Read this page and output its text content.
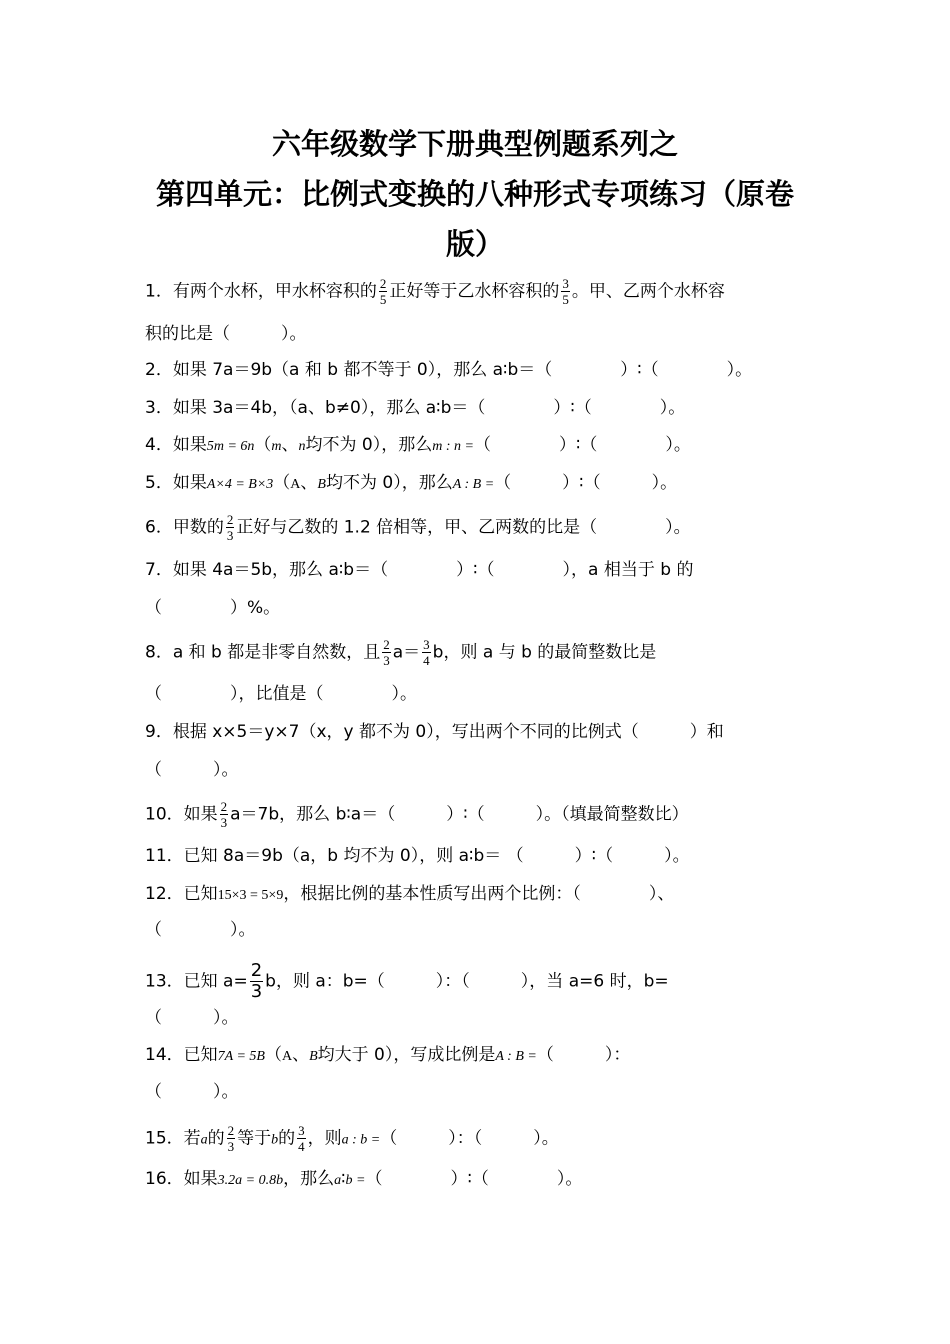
六年级数学下册典型例题系列之
第四单元：比例式变换的八种形式专项练习（原卷
版）
1．有两个水杯，甲水杯容积的 $\frac{2}{5}$ 正好等于乙水杯容积的 $\frac{3}{5}$ 。甲、乙两个水杯容
积的比是（　　　）。
2．如果 7a＝9b（a 和 b 都不等于 0），那么 a∶b＝（　　　　）∶（　　　　）。
3．如果 3a＝4b，（a、b≠0），那么 a∶b＝（　　　　）∶（　　　　）。
4．如果5m = 6n（m、n均不为 0），那么m : n =（　　　　）∶（　　　　）。
5．如果A×4 = B×3（A、B均不为 0），那么A : B =（　　　）∶（　　　）。
6．甲数的 $\frac{2}{3}$ 正好与乙数的 1.2 倍相等，甲、乙两数的比是（　　　　）。
7．如果 4a＝5b，那么 a∶b＝（　　　　）∶（　　　　），a 相当于 b 的
（　　　　）%。
8．a 和 b 都是非零自然数，且 $\frac{2}{3} a= \frac{3}{4}$ b，则 a 与 b 的最简整数比是
（　　　　），比值是（　　　　）。
9．根据 x×5＝y×7（x，y 都不为 0），写出两个不同的比例式（　　　）和
（　　　）。
10．如果 $\frac{2}{3} a=7b$，那么 b∶a＝（　　　）∶（　　　）。（填最简整数比）
11．已知 8a＝9b（a，b 均不为 0），则 a∶b＝ （　　　）∶（　　　）。
12．已知15×3 = 5×9，根据比例的基本性质写出两个比例：（　　　　）、
（　　　　）。
13．已知 $a= \frac{2}{3}$ b，则 a：b=（　　　）：（　　　），当 a=6 时，b=
（　　　）。
14．已知7A = 5B（A、B均大于 0），写成比例是A : B =（　　　）：
（　　　）。
15．若a的 $\frac{2}{3}$ 等于b的 $\frac{3}{4}$ ，则a : b =（　　　）：（　　　）。
16．如果3.2a = 0.8b，那么a∶b =（　　　　）∶（　　　　）。
